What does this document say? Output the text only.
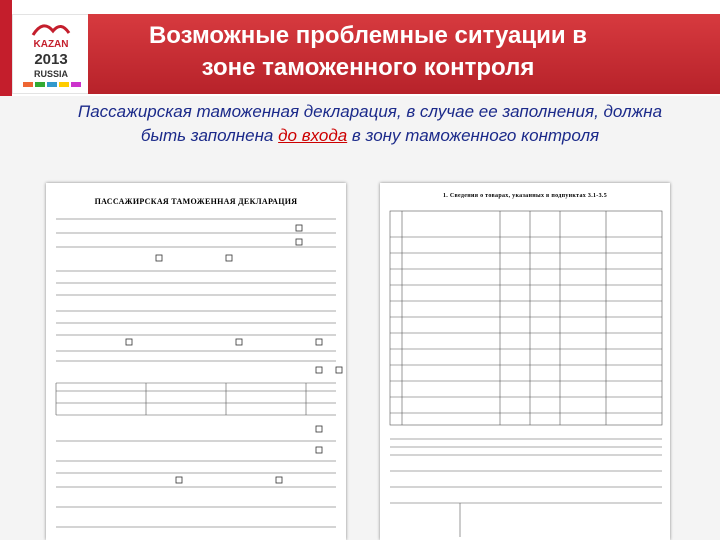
KAZAN
2013
RUSSIA
Возможные проблемные ситуации в
зоне таможенного контроля
Пассажирская таможенная декларация, в случае ее заполнения, должна быть заполнена до входа в зону таможенного контроля
ПАССАЖИРСКАЯ ТАМОЖЕННАЯ ДЕКЛАРАЦИЯ
1. Сведения о товарах, указанных в подпунктах 3.1-3.5
